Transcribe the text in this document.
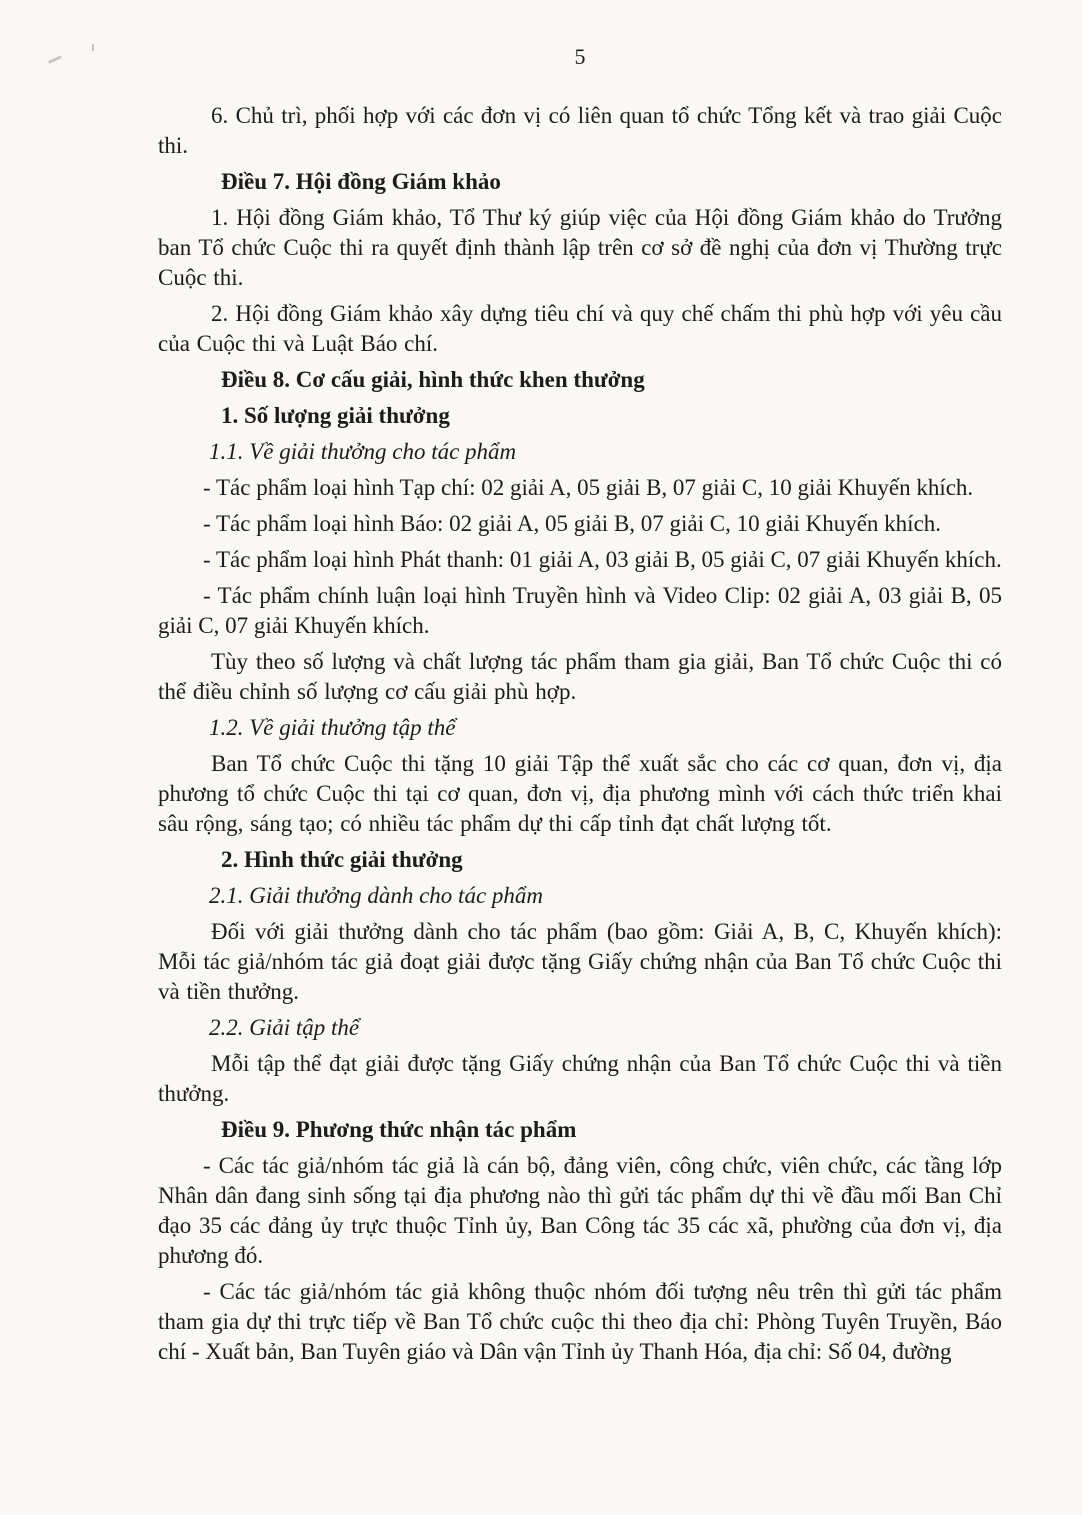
5

6. Chủ trì, phối hợp với các đơn vị có liên quan tổ chức Tổng kết và trao giải Cuộc thi.

Điều 7. Hội đồng Giám khảo

1. Hội đồng Giám khảo, Tổ Thư ký giúp việc của Hội đồng Giám khảo do Trưởng ban Tổ chức Cuộc thi ra quyết định thành lập trên cơ sở đề nghị của đơn vị Thường trực Cuộc thi.

2. Hội đồng Giám khảo xây dựng tiêu chí và quy chế chấm thi phù hợp với yêu cầu của Cuộc thi và Luật Báo chí.

Điều 8. Cơ cấu giải, hình thức khen thưởng

1. Số lượng giải thưởng

1.1. Về giải thưởng cho tác phẩm

- Tác phẩm loại hình Tạp chí: 02 giải A, 05 giải B, 07 giải C, 10 giải Khuyến khích.

- Tác phẩm loại hình Báo: 02 giải A, 05 giải B, 07 giải C, 10 giải Khuyến khích.

- Tác phẩm loại hình Phát thanh: 01 giải A, 03 giải B, 05 giải C, 07 giải Khuyến khích.

- Tác phẩm chính luận loại hình Truyền hình và Video Clip: 02 giải A, 03 giải B, 05 giải C, 07 giải Khuyến khích.

Tùy theo số lượng và chất lượng tác phẩm tham gia giải, Ban Tổ chức Cuộc thi có thể điều chỉnh số lượng cơ cấu giải phù hợp.

1.2. Về giải thưởng tập thể

Ban Tổ chức Cuộc thi tặng 10 giải Tập thể xuất sắc cho các cơ quan, đơn vị, địa phương tổ chức Cuộc thi tại cơ quan, đơn vị, địa phương mình với cách thức triển khai sâu rộng, sáng tạo; có nhiều tác phẩm dự thi cấp tỉnh đạt chất lượng tốt.

2. Hình thức giải thưởng

2.1. Giải thưởng dành cho tác phẩm

Đối với giải thưởng dành cho tác phẩm (bao gồm: Giải A, B, C, Khuyến khích): Mỗi tác giả/nhóm tác giả đoạt giải được tặng Giấy chứng nhận của Ban Tổ chức Cuộc thi và tiền thưởng.

2.2. Giải tập thể

Mỗi tập thể đạt giải được tặng Giấy chứng nhận của Ban Tổ chức Cuộc thi và tiền thưởng.

Điều 9. Phương thức nhận tác phẩm

- Các tác giả/nhóm tác giả là cán bộ, đảng viên, công chức, viên chức, các tầng lớp Nhân dân đang sinh sống tại địa phương nào thì gửi tác phẩm dự thi về đầu mối Ban Chỉ đạo 35 các đảng ủy trực thuộc Tỉnh ủy, Ban Công tác 35 các xã, phường của đơn vị, địa phương đó.

- Các tác giả/nhóm tác giả không thuộc nhóm đối tượng nêu trên thì gửi tác phẩm tham gia dự thi trực tiếp về Ban Tổ chức cuộc thi theo địa chỉ: Phòng Tuyên Truyền, Báo chí - Xuất bản, Ban Tuyên giáo và Dân vận Tỉnh ủy Thanh Hóa, địa chỉ: Số 04, đường
